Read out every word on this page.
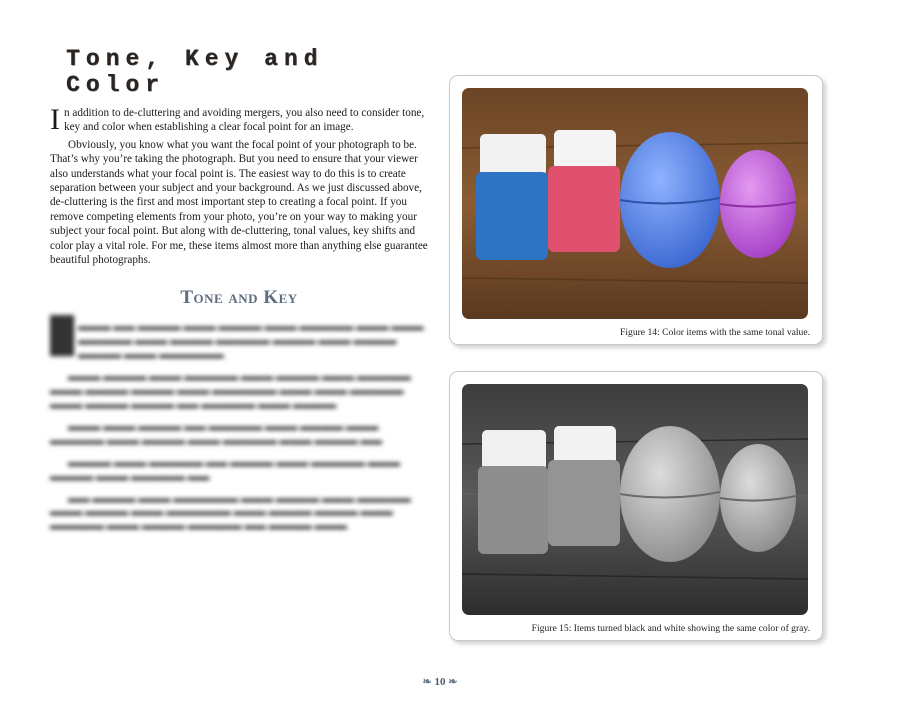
Tone, Key and Color

In addition to de-cluttering and avoiding mergers, you also need to consider tone, key and color when establishing a clear focal point for an image.

Obviously, you know what you want the focal point of your photograph to be. That’s why you’re taking the photograph. But you need to ensure that your viewer also understands what your focal point is. The easiest way to do this is to create separation between your subject and your background. As we just discussed above, de-cluttering is the first and most important step to creating a focal point. If you remove competing elements from your photo, you’re on your way to making your subject your focal point. But along with de-cluttering, tonal values, key shifts and color play a vital role. For me, these items almost more than anything else guarantee beautiful photographs.

Tone and Key

█ ▬▬▬ ▬▬ ▬▬▬▬ ▬▬▬ ▬▬▬▬ ▬▬▬ ▬▬▬▬▬ ▬▬▬ ▬▬▬ ▬▬▬▬▬ ▬▬▬ ▬▬▬▬ ▬▬▬▬▬ ▬▬▬▬ ▬▬▬ ▬▬▬▬ ▬▬▬▬ ▬▬▬ ▬▬▬▬▬▬

▬▬▬ ▬▬▬▬ ▬▬▬ ▬▬▬▬▬ ▬▬▬ ▬▬▬▬ ▬▬▬ ▬▬▬▬▬ ▬▬▬ ▬▬▬▬ ▬▬▬▬ ▬▬▬ ▬▬▬▬▬▬ ▬▬▬ ▬▬▬ ▬▬▬▬▬ ▬▬▬ ▬▬▬▬ ▬▬▬▬ ▬▬ ▬▬▬▬▬ ▬▬▬ ▬▬▬▬

▬▬▬ ▬▬▬ ▬▬▬▬ ▬▬ ▬▬▬▬▬ ▬▬▬ ▬▬▬▬ ▬▬▬ ▬▬▬▬▬ ▬▬▬ ▬▬▬▬ ▬▬▬ ▬▬▬▬▬ ▬▬▬ ▬▬▬▬ ▬▬

▬▬▬▬ ▬▬▬ ▬▬▬▬▬ ▬▬ ▬▬▬▬ ▬▬▬ ▬▬▬▬▬ ▬▬▬ ▬▬▬▬ ▬▬▬ ▬▬▬▬▬ ▬▬

▬▬ ▬▬▬▬ ▬▬▬ ▬▬▬▬▬▬ ▬▬▬ ▬▬▬▬ ▬▬▬ ▬▬▬▬▬ ▬▬▬ ▬▬▬▬ ▬▬▬ ▬▬▬▬▬▬ ▬▬▬ ▬▬▬▬ ▬▬▬▬ ▬▬▬ ▬▬▬▬▬ ▬▬▬ ▬▬▬▬ ▬▬▬▬▬ ▬▬ ▬▬▬▬ ▬▬▬

Figure 14: Color items with the same tonal value.
Figure 15: Items turned black and white showing the same color of gray.
❧ 10 ❧
